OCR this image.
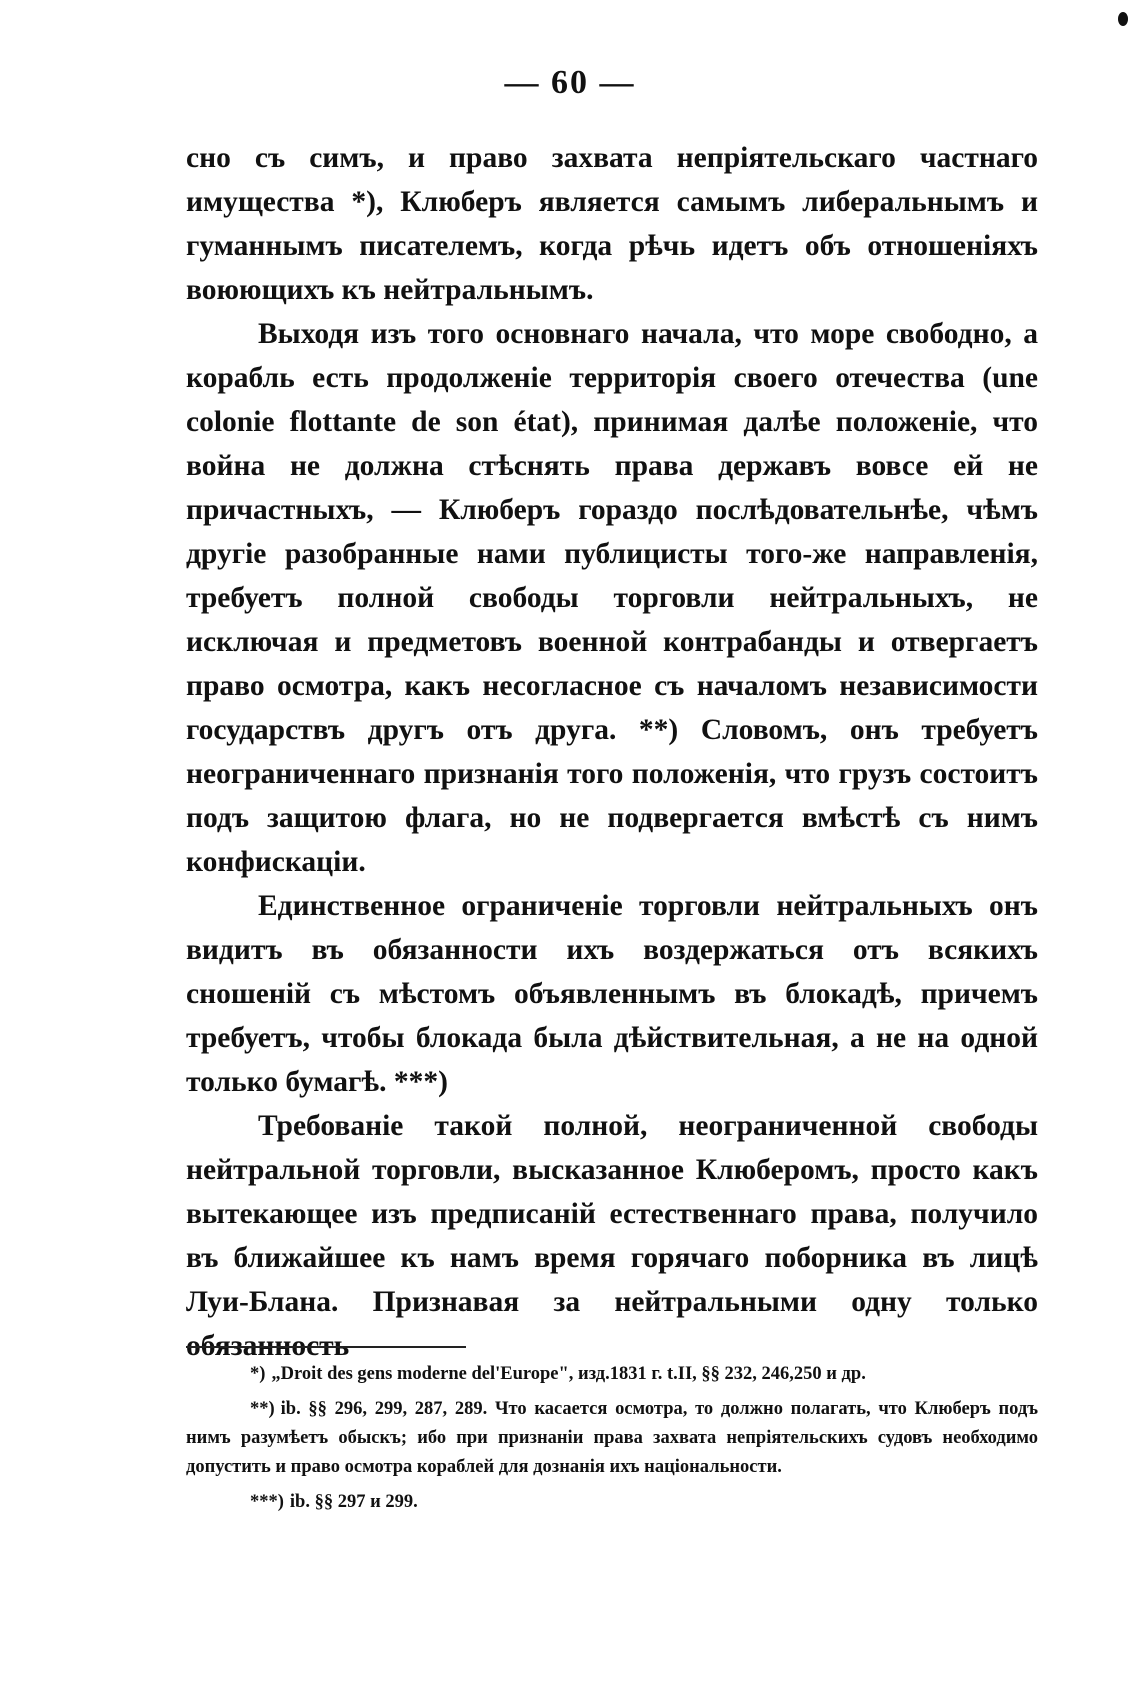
— 60 —

сно съ симъ, и право захвата непріятельскаго частнаго имущества *), Клюберъ является самымъ либеральнымъ и гуманнымъ писателемъ, когда рѣчь идетъ объ отношеніяхъ воюющихъ къ нейтральнымъ.

Выходя изъ того основнаго начала, что море свободно, а корабль есть продолженіе территорія своего отечества (une colonie flottante de son état), принимая далѣе положеніе, что война не должна стѣснять права державъ вовсе ей не причастныхъ, — Клюберъ гораздо послѣдовательнѣе, чѣмъ другіе разобранные нами публицисты того-же направленія, требуетъ полной свободы торговли нейтральныхъ, не исключая и предметовъ военной контрабанды и отвергаетъ право осмотра, какъ несогласное съ началомъ независимости государствъ другъ отъ друга. **) Словомъ, онъ требуетъ неограниченнаго признанія того положенія, что грузъ состоитъ подъ защитою флага, но не подвергается вмѣстѣ съ нимъ конфискаціи.

Единственное ограниченіе торговли нейтральныхъ онъ видитъ въ обязанности ихъ воздержаться отъ всякихъ сношеній съ мѣстомъ объявленнымъ въ блокадѣ, причемъ требуетъ, чтобы блокада была дѣйствительная, а не на одной только бумагѣ. ***)

Требованіе такой полной, неограниченной свободы нейтральной торговли, высказанное Клюберомъ, просто какъ вытекающее изъ предписаній естественнаго права, получило въ ближайшее къ намъ время горячаго поборника въ лицѣ Луи-Блана. Признавая за нейтральными одну только обязанность

*) „Droit des gens moderne del'Europe", изд.1831 г. t.II, §§ 232, 246,250 и др.

**) ib. §§ 296, 299, 287, 289. Что касается осмотра, то должно полагать, что Клюберъ подъ нимъ разумѣетъ обыскъ; ибо при признаніи права захвата непріятельскихъ судовъ необходимо допустить и право осмотра кораблей для дознанія ихъ національности.

***) ib. §§ 297 и 299.
